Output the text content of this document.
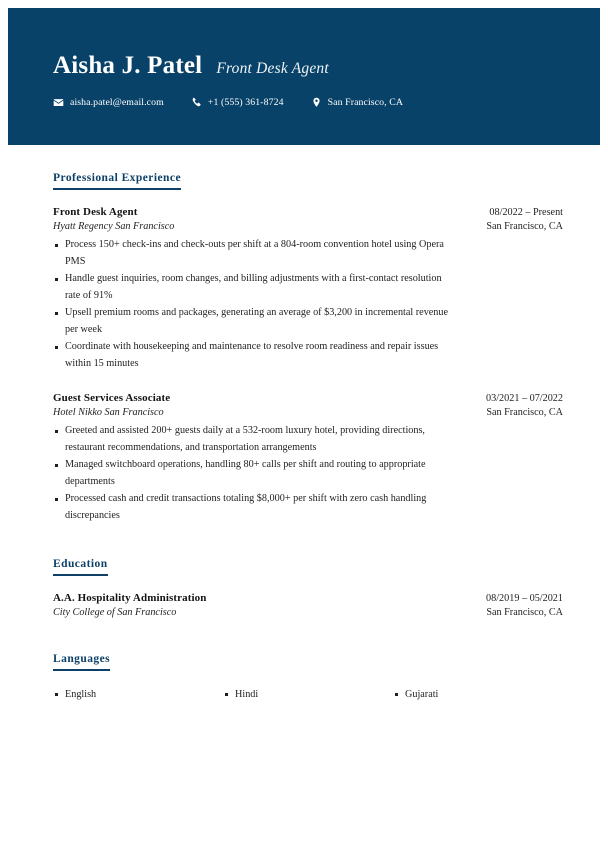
Aisha J. Patel Front Desk Agent
aisha.patel@email.com	+1 (555) 361-8724	San Francisco, CA
Professional Experience
Front Desk Agent	08/2022 – Present
Hyatt Regency San Francisco	San Francisco, CA
Process 150+ check-ins and check-outs per shift at a 804-room convention hotel using Opera PMS
Handle guest inquiries, room changes, and billing adjustments with a first-contact resolution rate of 91%
Upsell premium rooms and packages, generating an average of $3,200 in incremental revenue per week
Coordinate with housekeeping and maintenance to resolve room readiness and repair issues within 15 minutes
Guest Services Associate	03/2021 – 07/2022
Hotel Nikko San Francisco	San Francisco, CA
Greeted and assisted 200+ guests daily at a 532-room luxury hotel, providing directions, restaurant recommendations, and transportation arrangements
Managed switchboard operations, handling 80+ calls per shift and routing to appropriate departments
Processed cash and credit transactions totaling $8,000+ per shift with zero cash handling discrepancies
Education
A.A. Hospitality Administration	08/2019 – 05/2021
City College of San Francisco	San Francisco, CA
Languages
English	Hindi	Gujarati
